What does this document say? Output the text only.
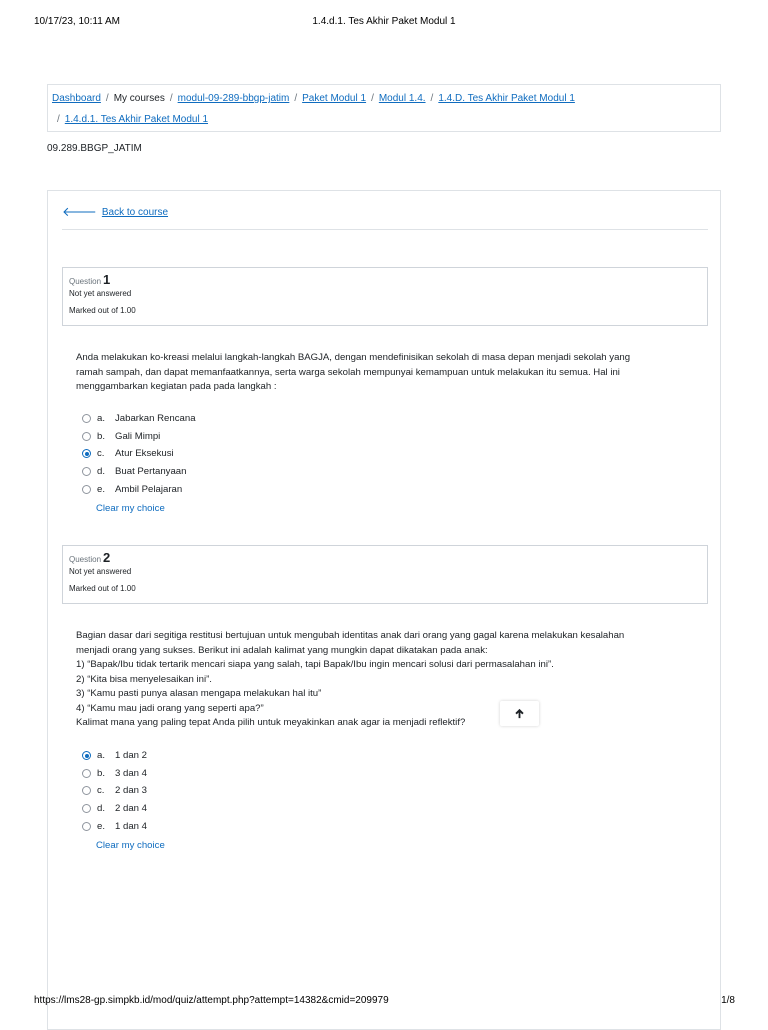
10/17/23, 10:11 AM	1.4.d.1. Tes Akhir Paket Modul 1
Dashboard / My courses / modul-09-289-bbgp-jatim / Paket Modul 1 / Modul 1.4. / 1.4.D. Tes Akhir Paket Modul 1
/ 1.4.d.1. Tes Akhir Paket Modul 1
09.289.BBGP_JATIM
🡐 Back to course
Question 1
Not yet answered
Marked out of 1.00

Anda melakukan ko-kreasi melalui langkah-langkah BAGJA, dengan mendefinisikan sekolah di masa depan menjadi sekolah yang

ramah sampah, dan dapat memanfaatkannya, serta warga sekolah mempunyai kemampuan untuk melakukan itu semua. Hal ini

menggambarkan kegiatan pada pada langkah :

a.	Jabarkan Rencana
b.	Gali Mimpi
c.	Atur Eksekusi
d.	Buat Pertanyaan
e.	Ambil Pelajaran
Clear my choice
Question 2
Not yet answered
Marked out of 1.00

Bagian dasar dari segitiga restitusi bertujuan untuk mengubah identitas anak dari orang yang gagal karena melakukan kesalahan

menjadi orang yang sukses. Berikut ini adalah kalimat yang mungkin dapat dikatakan pada anak:

1) “Bapak/Ibu tidak tertarik mencari siapa yang salah, tapi Bapak/Ibu ingin mencari solusi dari permasalahan ini”.

2) “Kita bisa menyelesaikan ini”.

3) “Kamu pasti punya alasan mengapa melakukan hal itu”

4) “Kamu mau jadi orang yang seperti apa?”

Kalimat mana yang paling tepat Anda pilih untuk meyakinkan anak agar ia menjadi reflektif?

a.	1 dan 2
b.	3 dan 4
c.	2 dan 3
d.	2 dan 4
e.	1 dan 4
Clear my choice
https://lms28-gp.simpkb.id/mod/quiz/attempt.php?attempt=14382&cmid=209979	1/8
